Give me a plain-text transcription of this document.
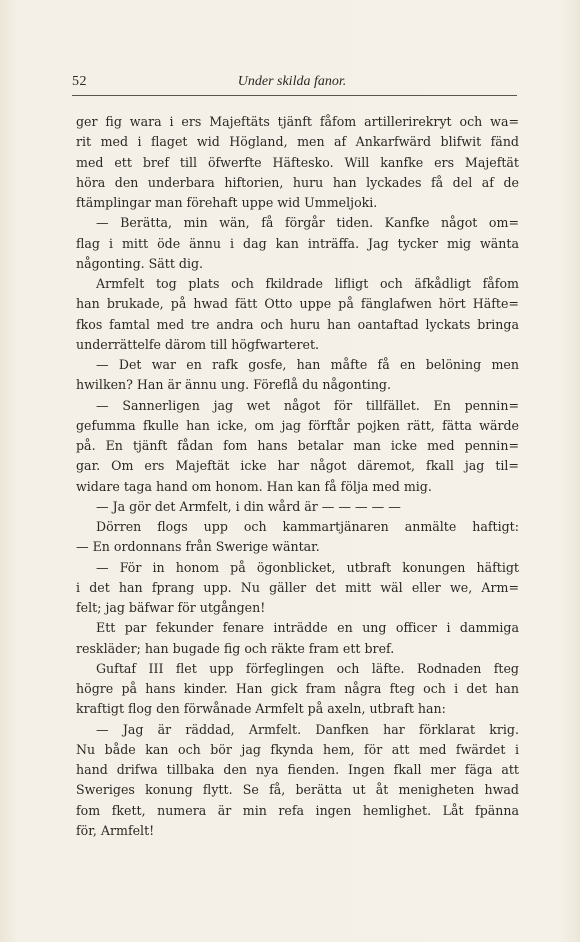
52	Under skilda fanor.
ger fig wara i ers Majeftäts tjänft fåfom artillerirekryt och wa=
rit med i flaget wid Högland, men af Ankarfwärd blifwit fänd
med ett bref till öfwerfte Häftesko. Will kanfke ers Majeftät
höra den underbara hiftorien, huru han lyckades få del af de
ftämplingar man förehaft uppe wid Ummeljoki.
— Berätta, min wän, få förgår tiden. Kanfke något om=
flag i mitt öde ännu i dag kan inträffa. Jag tycker mig wänta
någonting. Sätt dig.
Armfelt tog plats och fkildrade lifligt och äfkådligt fåfom
han brukade, på hwad fätt Otto uppe på fänglafwen hört Häfte=
fkos famtal med tre andra och huru han oantaftad lyckats bringa
underrättelfe därom till högfwarteret.
— Det war en rafk gosfe, han måfte få en belöning men
hwilken? Han är ännu ung. Föreflå du någonting.
— Sannerligen jag wet något för tillfället. En pennin=
gefumma fkulle han icke, om jag förftår pojken rätt, fätta wärde
på. En tjänft fådan fom hans betalar man icke med pennin=
gar. Om ers Majeftät icke har något däremot, fkall jag til=
widare taga hand om honom. Han kan få följa med mig.
— Ja gör det Armfelt, i din wård är — — — — —
Dörren flogs upp och kammartjänaren anmälte haftigt:
— En ordonnans från Swerige wäntar.
— För in honom på ögonblicket, utbraft konungen häftigt
i det han fprang upp. Nu gäller det mitt wäl eller we, Arm=
felt; jag bäfwar för utgången!
Ett par fekunder fenare inträdde en ung officer i dammiga
reskläder; han bugade fig och räkte fram ett bref.
Guftaf III flet upp förfeglingen och läfte. Rodnaden fteg
högre på hans kinder. Han gick fram några fteg och i det han
kraftigt flog den förwånade Armfelt på axeln, utbraft han:
— Jag är räddad, Armfelt. Danfken har förklarat krig.
Nu både kan och bör jag fkynda hem, för att med fwärdet i
hand drifwa tillbaka den nya fienden. Ingen fkall mer fäga att
Sweriges konung flytt. Se få, berätta ut åt menigheten hwad
fom fkett, numera är min refa ingen hemlighet. Låt fpänna
för, Armfelt!
